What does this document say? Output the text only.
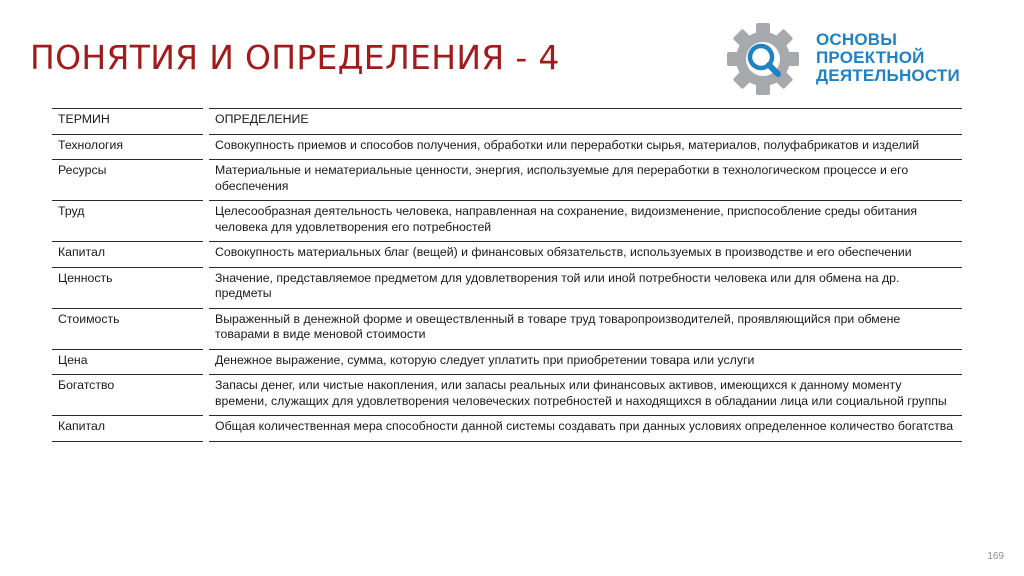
ПОНЯТИЯ И ОПРЕДЕЛЕНИЯ - 4	ОСНОВЫ
ПРОЕКТНОЙ
ДЕЯТЕЛЬНОСТИ
ТЕРМИН	ОПРЕДЕЛЕНИЕ
Технология	Совокупность приемов и способов получения, обработки или переработки сырья, материалов, полуфабрикатов и изделий
Ресурсы	Материальные и нематериальные ценности, энергия, используемые для переработки в технологическом процессе и его обеспечения
Труд	Целесообразная деятельность человека, направленная на сохранение, видоизменение, приспособление среды обитания человека для удовлетворения его потребностей
Капитал	Совокупность материальных благ (вещей) и финансовых обязательств, используемых в производстве и его обеспечении
Ценность	Значение, представляемое предметом для удовлетворения той или иной потребности человека или для обмена на др. предметы
Стоимость	Выраженный в денежной форме и овеществленный в товаре труд товаропроизводителей, проявляющийся при обмене товарами в виде меновой стоимости
Цена	Денежное выражение, сумма, которую следует уплатить при приобретении товара или услуги
Богатство	Запасы денег, или чистые накопления, или запасы реальных или финансовых активов, имеющихся к данному моменту времени, служащих для удовлетворения человеческих потребностей и находящихся в обладании лица или социальной группы
Капитал	Общая количественная мера способности данной системы создавать при данных условиях определенное количество богатства
169
